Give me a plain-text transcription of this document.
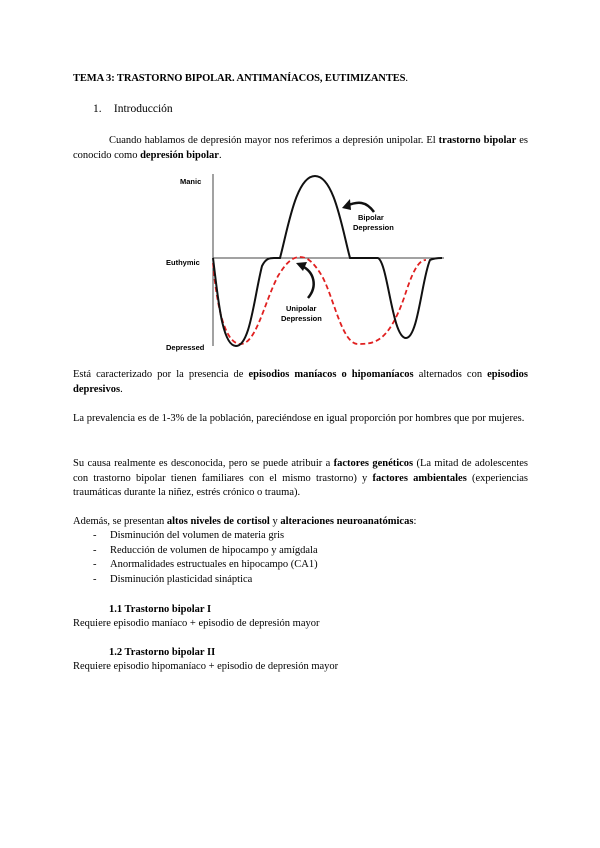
TEMA 3: TRASTORNO BIPOLAR. ANTIMANÍACOS, EUTIMIZANTES.
1. Introducción
Cuando hablamos de depresión mayor nos referimos a depresión unipolar. El trastorno bipolar es conocido como depresión bipolar.
Manic
Euthymic
Depressed
Bipolar
Depression
Unipolar
Depression
Está caracterizado por la presencia de episodios maníacos o hipomaníacos alternados con episodios depresivos.
La prevalencia es de 1-3% de la población, pareciéndose en igual proporción por hombres que por mujeres.
Su causa realmente es desconocida, pero se puede atribuir a factores genéticos (La mitad de adolescentes con trastorno bipolar tienen familiares con el mismo trastorno) y factores ambientales (experiencias traumáticas durante la niñez, estrés crónico o trauma).
Además, se presentan altos niveles de cortisol y alteraciones neuroanatómicas:
- Disminución del volumen de materia gris
- Reducción de volumen de hipocampo y amígdala
- Anormalidades estructuales en hipocampo (CA1)
- Disminución plasticidad sináptica
1.1 Trastorno bipolar I
Requiere episodio maníaco + episodio de depresión mayor
1.2 Trastorno bipolar II
Requiere episodio hipomaníaco + episodio de depresión mayor
